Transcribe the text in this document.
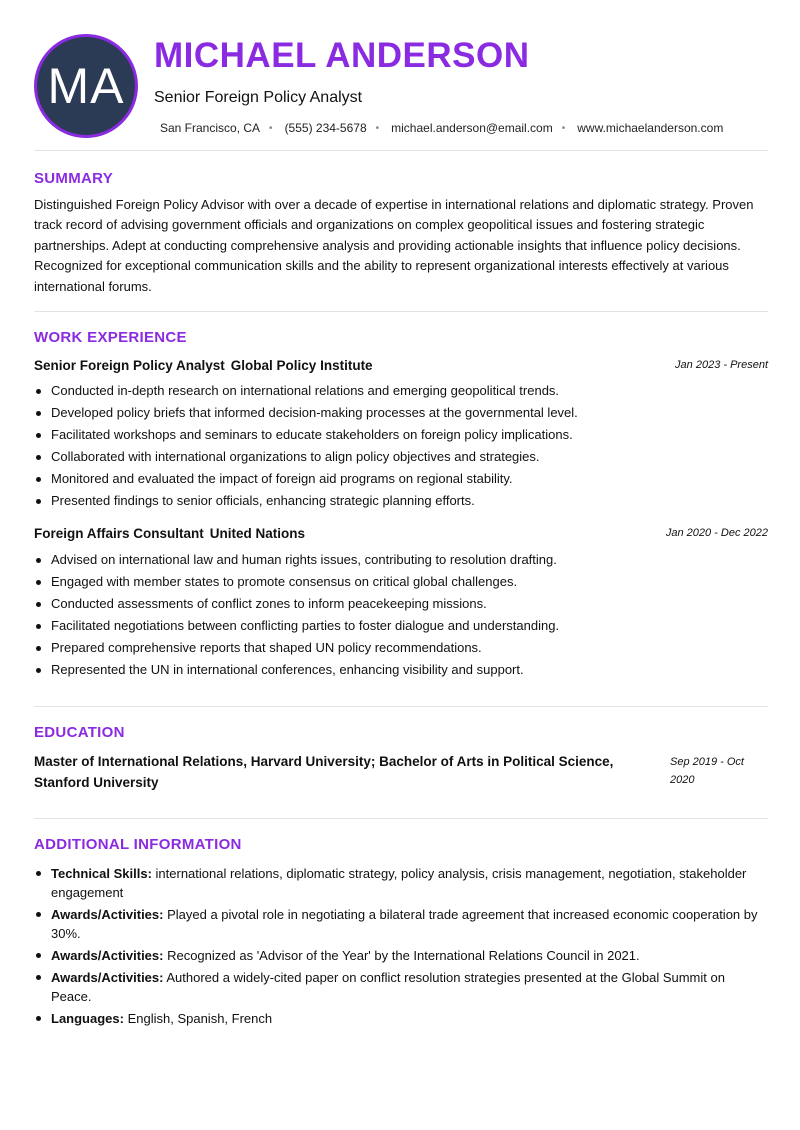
MA
MICHAEL ANDERSON
Senior Foreign Policy Analyst
San Francisco, CA • (555) 234-5678 • michael.anderson@email.com • www.michaelanderson.com
SUMMARY
Distinguished Foreign Policy Advisor with over a decade of expertise in international relations and diplomatic strategy. Proven track record of advising government officials and organizations on complex geopolitical issues and fostering strategic partnerships. Adept at conducting comprehensive analysis and providing actionable insights that influence policy decisions. Recognized for exceptional communication skills and the ability to represent organizational interests effectively at various international forums.
WORK EXPERIENCE
Senior Foreign Policy Analyst Global Policy Institute	Jan 2023 - Present
Conducted in-depth research on international relations and emerging geopolitical trends.
Developed policy briefs that informed decision-making processes at the governmental level.
Facilitated workshops and seminars to educate stakeholders on foreign policy implications.
Collaborated with international organizations to align policy objectives and strategies.
Monitored and evaluated the impact of foreign aid programs on regional stability.
Presented findings to senior officials, enhancing strategic planning efforts.
Foreign Affairs Consultant United Nations	Jan 2020 - Dec 2022
Advised on international law and human rights issues, contributing to resolution drafting.
Engaged with member states to promote consensus on critical global challenges.
Conducted assessments of conflict zones to inform peacekeeping missions.
Facilitated negotiations between conflicting parties to foster dialogue and understanding.
Prepared comprehensive reports that shaped UN policy recommendations.
Represented the UN in international conferences, enhancing visibility and support.
EDUCATION
Master of International Relations, Harvard University; Bachelor of Arts in Political Science, Stanford University
Sep 2019 - Oct 2020
ADDITIONAL INFORMATION
Technical Skills: international relations, diplomatic strategy, policy analysis, crisis management, negotiation, stakeholder engagement
Awards/Activities: Played a pivotal role in negotiating a bilateral trade agreement that increased economic cooperation by 30%.
Awards/Activities: Recognized as 'Advisor of the Year' by the International Relations Council in 2021.
Awards/Activities: Authored a widely-cited paper on conflict resolution strategies presented at the Global Summit on Peace.
Languages: English, Spanish, French
